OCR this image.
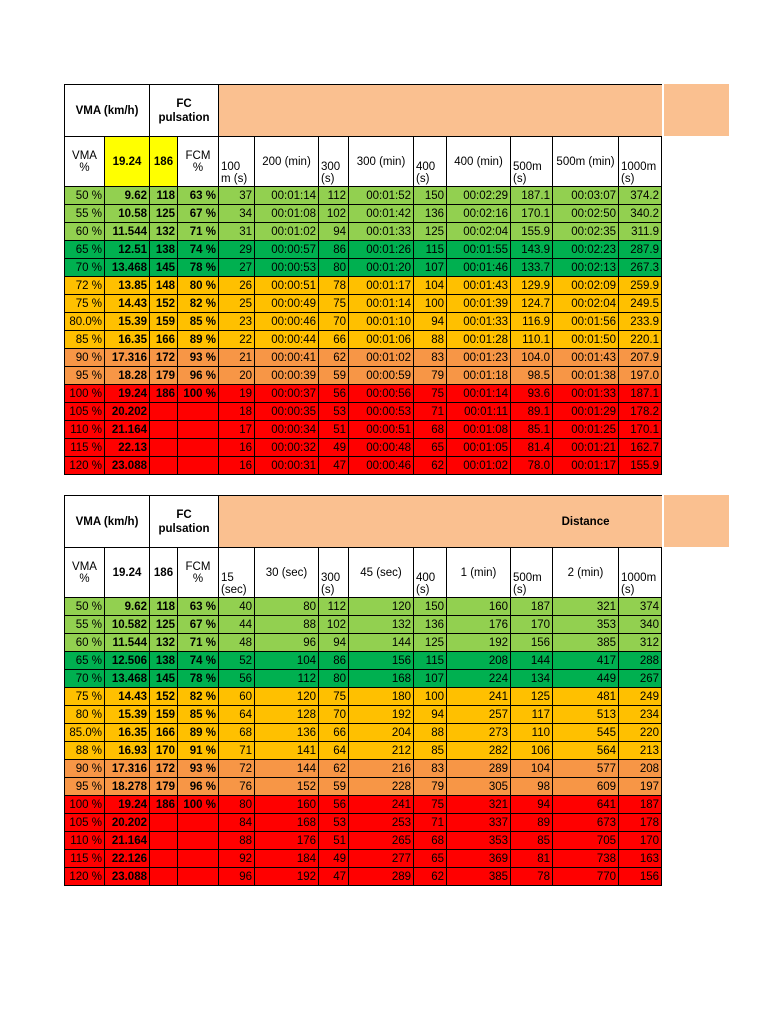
VMA (km/h)		FC pulsation										
VMA %	19.24	186	FCM %	100 m (s)	200 (min)	300 (s)	300 (min)	400 (s)	400 (min)	500m (s)	500m (min)	1000m (s)
50 %	9.62	118	63 %	37	00:01:14	112	00:01:52	150	00:02:29	187.1	00:03:07	374.2
55 %	10.58	125	67 %	34	00:01:08	102	00:01:42	136	00:02:16	170.1	00:02:50	340.2
60 %	11.544	132	71 %	31	00:01:02	94	00:01:33	125	00:02:04	155.9	00:02:35	311.9
65 %	12.51	138	74 %	29	00:00:57	86	00:01:26	115	00:01:55	143.9	00:02:23	287.9
70 %	13.468	145	78 %	27	00:00:53	80	00:01:20	107	00:01:46	133.7	00:02:13	267.3
72 %	13.85	148	80 %	26	00:00:51	78	00:01:17	104	00:01:43	129.9	00:02:09	259.9
75 %	14.43	152	82 %	25	00:00:49	75	00:01:14	100	00:01:39	124.7	00:02:04	249.5
80.0%	15.39	159	85 %	23	00:00:46	70	00:01:10	94	00:01:33	116.9	00:01:56	233.9
85 %	16.35	166	89 %	22	00:00:44	66	00:01:06	88	00:01:28	110.1	00:01:50	220.1
90 %	17.316	172	93 %	21	00:00:41	62	00:01:02	83	00:01:23	104.0	00:01:43	207.9
95 %	18.28	179	96 %	20	00:00:39	59	00:00:59	79	00:01:18	98.5	00:01:38	197.0
100 %	19.24	186	100 %	19	00:00:37	56	00:00:56	75	00:01:14	93.6	00:01:33	187.1
105 %	20.202			18	00:00:35	53	00:00:53	71	00:01:11	89.1	00:01:29	178.2
110 %	21.164			17	00:00:34	51	00:00:51	68	00:01:08	85.1	00:01:25	170.1
115 %	22.13			16	00:00:32	49	00:00:48	65	00:01:05	81.4	00:01:21	162.7
120 %	23.088			16	00:00:31	47	00:00:46	62	00:01:02	78.0	00:01:17	155.9
VMA (km/h)		FC pulsation		Distance								
VMA %	19.24	186	FCM %	15 (sec)	30 (sec)	300 (s)	45 (sec)	400 (s)	1 (min)	500m (s)	2 (min)	1000m (s)
50 %	9.62	118	63 %	40	80	112	120	150	160	187	321	374
55 %	10.582	125	67 %	44	88	102	132	136	176	170	353	340
60 %	11.544	132	71 %	48	96	94	144	125	192	156	385	312
65 %	12.506	138	74 %	52	104	86	156	115	208	144	417	288
70 %	13.468	145	78 %	56	112	80	168	107	224	134	449	267
75 %	14.43	152	82 %	60	120	75	180	100	241	125	481	249
80 %	15.39	159	85 %	64	128	70	192	94	257	117	513	234
85.0%	16.35	166	89 %	68	136	66	204	88	273	110	545	220
88 %	16.93	170	91 %	71	141	64	212	85	282	106	564	213
90 %	17.316	172	93 %	72	144	62	216	83	289	104	577	208
95 %	18.278	179	96 %	76	152	59	228	79	305	98	609	197
100 %	19.24	186	100 %	80	160	56	241	75	321	94	641	187
105 %	20.202			84	168	53	253	71	337	89	673	178
110 %	21.164			88	176	51	265	68	353	85	705	170
115 %	22.126			92	184	49	277	65	369	81	738	163
120 %	23.088			96	192	47	289	62	385	78	770	156
